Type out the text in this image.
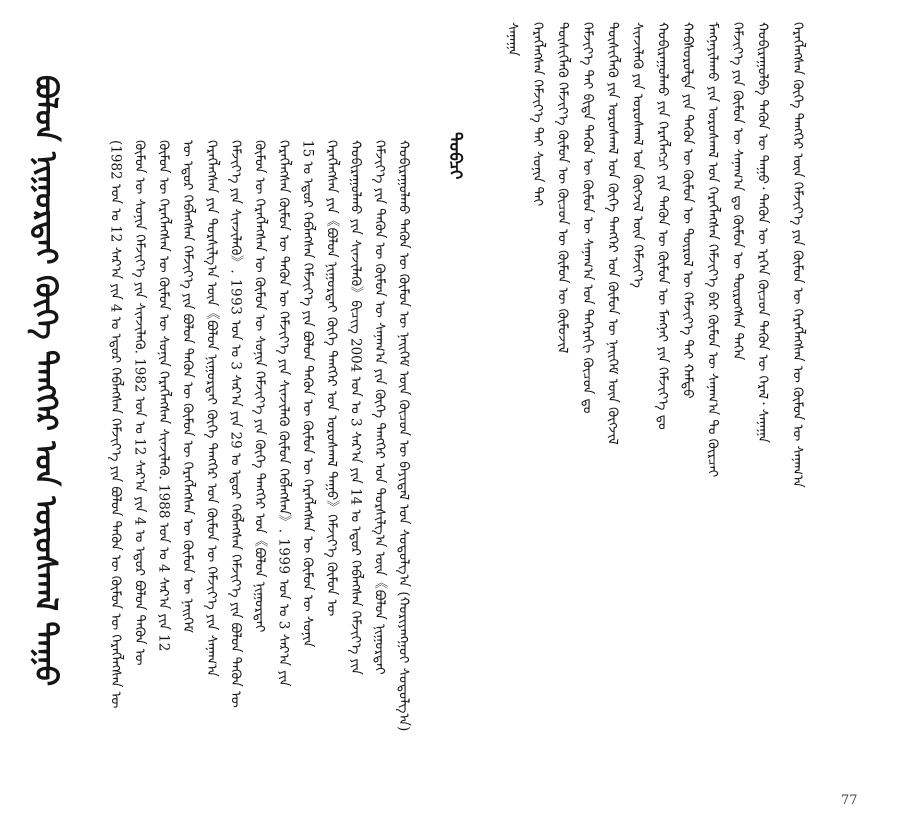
ᠪᠣᠯᠤᠨ ᠨᠢᠭᠤᠷᠲᠠᠢ ᠬᠥᠬᠡ ᠲᠡᠩᠭᠡᠷ ᠤᠨ ᠤᠷᠤᠰᠬᠠᠯ ᠳᠠᠭᠤ	(1982 ᠣᠨ ᠤ 12 ᠰᠠᠷ᠎ᠠ ᠶᠢᠨ 4 ᠤ ᠡᠳᠦᠷ ᠬᠡᠪᠯᠡᠭᠰᠡᠨ ᠬᠡᠮᠵᠢᠶ᠎ᠡ ᠶᠢᠨ ᠪᠣᠯᠤᠨ ᠲᠡᠭᠦᠨ ᠦ ᠬᠦᠮᠦᠨ ᠦ ᠬᠡᠷᠡᠭᠯᠡᠭᠰᠡᠨ ᠦ ᠬᠦᠮᠦᠨ ᠦ ᠰᠣᠨᠢᠨ ᠬᠡᠮᠵᠢᠶ᠎ᠡ ᠶᠢᠨ ᠰᠢᠨᠵᠢᠯᠡᠬᠦ. 1982 ᠣᠨ ᠤ 12 ᠰᠠᠷ᠎ᠠ ᠶᠢᠨ 4 ᠤ ᠡᠳᠦᠷ ᠪᠣᠯᠤᠨ ᠲᠡᠭᠦᠨ ᠦ ᠬᠦᠮᠦᠨ ᠦ ᠬᠡᠷᠡᠭᠯᠡᠭᠰᠡᠨ ᠦ ᠬᠦᠮᠦᠨ ᠦ ᠰᠣᠨᠢᠨ ᠬᠡᠷᠡᠭᠯᠡᠭᠰᠡᠨ ᠰᠢᠨᠵᠢᠯᠡᠬᠦ. 1988 ᠣᠨ ᠤ 4 ᠰᠠᠷ᠎ᠠ ᠶᠢᠨ 12 ᠦ ᠡᠳᠦᠷ ᠬᠡᠪᠯᠡᠭᠰᠡᠨ ᠬᠡᠮᠵᠢᠶ᠎ᠡ ᠶᠢᠨ ᠪᠣᠯᠤᠨ ᠲᠡᠭᠦᠨ ᠦ ᠬᠦᠮᠦᠨ ᠦ ᠬᠡᠷᠡᠭᠯᠡᠭᠰᠡᠨ ᠦ ᠬᠦᠮᠦᠨ ᠦ ᠨᠡᠢᠭᠡᠮ ᠬᠡᠷᠡᠭᠯᠡᠭᠰᠡᠨ ᠶᠢᠨ ᠲᠤᠷᠰᠢᠯᠭ᠎ᠠ ᠦᠨ《ᠪᠣᠯᠤᠨ ᠨᠢᠭᠤᠷᠲᠠᠢ ᠬᠥᠬᠡ ᠲᠡᠩᠭᠡᠷ ᠤᠨ ᠬᠦᠮᠦᠨ ᠦ ᠬᠡᠮᠵᠢᠶ᠎ᠡ ᠶᠢᠨ ᠰᠠᠨᠠᠭ᠎ᠠ ᠬᠡᠮᠵᠢᠶ᠎ᠡ ᠶᠢᠨ ᠰᠢᠨᠵᠢᠯᠡᠬᠦ》. 1993 ᠣᠨ ᠤ 3 ᠰᠠᠷ᠎ᠠ ᠶᠢᠨ 29 ᠤ ᠡᠳᠦᠷ ᠬᠡᠪᠯᠡᠭᠰᠡᠨ ᠬᠡᠮᠵᠢᠶ᠎ᠡ ᠶᠢᠨ ᠪᠣᠯᠤᠨ ᠲᠡᠭᠦᠨ ᠦ ᠬᠦᠮᠦᠨ ᠦ ᠬᠡᠷᠡᠭᠯᠡᠭᠰᠡᠨ ᠦ ᠬᠦᠮᠦᠨ ᠦ ᠰᠣᠨᠢᠨ ᠬᠡᠮᠵᠢᠶ᠎ᠡ ᠶᠢᠨ ᠬᠥᠬᠡ ᠲᠡᠩᠭᠡᠷ ᠤᠨ《ᠪᠣᠯᠤᠨ ᠨᠢᠭᠤᠷᠲᠠᠢ ᠬᠡᠷᠡᠭᠯᠡᠭᠰᠡᠨ ᠬᠦᠮᠦᠨ ᠦ ᠲᠡᠭᠦᠨ ᠦ ᠬᠡᠮᠵᠢᠶ᠎ᠡ ᠶᠢᠨ ᠰᠢᠨᠵᠢᠯᠡᠬᠦ ᠬᠦᠮᠦᠨ ᠬᠡᠪᠯᠡᠭᠰᠡᠨ》. 1999 ᠣᠨ ᠤ 3 ᠰᠠᠷ᠎ᠠ ᠶᠢᠨ 15 ᠤ ᠡᠳᠦᠷ ᠬᠡᠪᠯᠡᠭᠰᠡᠨ ᠬᠡᠮᠵᠢᠶ᠎ᠡ ᠶᠢᠨ ᠪᠣᠯᠤᠨ ᠲᠡᠭᠦᠨ ᠦ ᠬᠦᠮᠦᠨ ᠦ ᠬᠡᠷᠡᠭᠯᠡᠭᠰᠡᠨ ᠦ ᠬᠦᠮᠦᠨ ᠦ ᠰᠣᠨᠢᠨ ᠬᠡᠷᠡᠭᠯᠡᠭᠰᠡᠨ ᠶᠢᠨ《ᠪᠣᠯᠤᠨ ᠨᠢᠭᠤᠷᠲᠠᠢ ᠬᠥᠬᠡ ᠲᠡᠩᠭᠡᠷ ᠤᠨ ᠤᠷᠤᠰᠬᠠᠯ ᠳᠠᠭᠤ》ᠬᠡᠮᠵᠢᠶ᠎ᠡ ᠬᠦᠮᠦᠨ ᠦ ᠬᠤᠪᠢᠷᠠᠭᠤᠯᠬᠤ ᠶᠢᠨ ᠰᠢᠨᠵᠢᠯᠡᠬᠦ》ᠪᠢᠴᠢᠭ 2004 ᠣᠨ ᠤ 3 ᠰᠠᠷ᠎ᠠ ᠶᠢᠨ 14 ᠤ ᠡᠳᠦᠷ ᠬᠡᠪᠯᠡᠭᠰᠡᠨ ᠬᠡᠮᠵᠢᠶ᠎ᠡ ᠶᠢᠨ ᠬᠡᠮᠵᠢᠶ᠎ᠡ ᠶᠢᠨ ᠲᠡᠭᠦᠨ ᠦ ᠬᠦᠮᠦᠨ ᠦ ᠰᠠᠨᠠᠭ᠎ᠠ ᠶᠢᠨ ᠬᠥᠬᠡ ᠲᠡᠩᠭᠡᠷ ᠤᠨ ᠲᠤᠷᠰᠢᠯᠭ᠎ᠠ ᠦᠨ《ᠪᠣᠯᠤᠨ ᠨᠢᠭᠤᠷᠲᠠᠢ ᠬᠤᠪᠢᠷᠠᠭᠤᠯᠬᠤ ᠲᠡᠭᠦᠨ ᠦ ᠬᠦᠮᠦᠨ ᠦ ᠨᠡᠢᠭᠡᠮ ᠦᠨ ᠬᠦᠴᠦᠨ ᠦ ᠪᠠᠶᠢᠳᠠᠯ ᠤᠨ ᠰᠤᠳᠤᠯᠭ᠎ᠠ (ᠬᠤᠷᠢᠶᠠᠩᠭᠤᠢ ᠰᠤᠳᠤᠯᠭ᠎ᠠ) ᠲᠣᠪᠴᠢ
ᠰᠠᠨᠠᠭᠠ ᠬᠡᠷᠡᠭᠯᠡᠭᠰᠡᠨ ᠬᠡᠮᠵᠢᠶ᠎ᠡ ᠲᠠᠢ ᠰᠣᠨᠢᠨ ᠲᠠᠢ ᠲᠦᠰᠢᠭᠯᠡᠬᠦ ᠬᠡᠮᠵᠢᠶ᠎ᠡ ᠬᠦᠮᠦᠨ ᠦ ᠬᠦᠴᠦᠨ ᠦ ᠬᠦᠮᠦᠨ ᠦ ᠬᠦᠮᠦᠵᠢᠯ ᠬᠡᠮᠵᠢᠶ᠎ᠡ ᠲᠠᠢ ᠪᠢᠳᠡ ᠲᠡᠭᠦᠨ ᠦ ᠬᠦᠮᠦᠨ ᠦ ᠰᠠᠨᠠᠭ᠎ᠠ ᠤᠨ ᠳᠡᠭᠡᠷᠡᠬᠢ ᠬᠦᠴᠦᠨ ᠳᠤ ᠲᠦᠰᠢᠭᠯᠡᠬᠦ ᠶᠢᠨ ᠤᠷᠤᠰᠬᠠᠯ ᠤᠨ ᠬᠥᠬᠡ ᠲᠡᠩᠭᠡᠷ ᠤᠨ ᠬᠦᠮᠦᠨ ᠦ ᠨᠡᠢᠭᠡᠮ ᠦᠨ ᠬᠥᠭᠵᠢᠯ ᠰᠢᠨᠵᠢᠯᠡᠬᠦ ᠶᠢᠨ ᠤᠷᠤᠰᠬᠠᠯ ᠤᠨ ᠬᠥᠭᠵᠢᠯ ᠦᠨ ᠬᠡᠮᠵᠢᠶ᠎ᠡ ᠬᠤᠪᠢᠷᠠᠭᠤᠯᠬᠤ ᠶᠢᠨ ᠬᠡᠷᠡᠭᠯᠡᠭᠴᠢ ᠶᠢᠨ ᠲᠡᠭᠦᠨ ᠦ ᠬᠦᠮᠦᠨ ᠦ ᠮᠠᠩᠨᠠᠶ ᠶᠢᠨ ᠬᠡᠮᠵᠢᠶ᠎ᠡ ᠳᠤ ᠬᠠᠪᠰᠤᠷᠤᠯᠲᠠ ᠶᠢᠨ ᠲᠡᠭᠦᠨ ᠦ ᠬᠦᠮᠦᠨ ᠦ ᠲᠥᠷᠦᠯ ᠦ ᠬᠡᠮᠵᠢᠶ᠎ᠡ ᠲᠠᠢ ᠬᠠᠮᠲᠤ ᠮᠠᠩᠨᠠᠶᠢᠯᠠᠬᠤ ᠶᠢᠨ ᠤᠷᠤᠰᠬᠠᠯ ᠤᠨ ᠬᠡᠷᠡᠭᠯᠡᠭᠰᠡᠨ ᠬᠡᠮᠵᠢᠶ᠎ᠡ ᠪᠠᠷ ᠬᠦᠮᠦᠨ ᠦ ᠰᠠᠨᠠᠭ᠎ᠠ ᠲᠤ ᠬᠦᠷᠴᠡᠢ ᠬᠡᠮᠵᠢᠶ᠎ᠡ ᠶᠢᠨ ᠬᠦᠮᠦᠨ ᠦ ᠰᠠᠨᠠᠭ᠎ᠠ ᠳᠤ ᠬᠦᠮᠦᠨ ᠦ ᠲᠥᠷᠦᠭᠰᠡᠨ ᠳᠡᠭᠡᠨ ᠬᠤᠪᠢᠷᠠᠭᠤᠯᠪᠠ ᠲᠡᠭᠦᠨ ᠦ ᠳᠠᠭᠤ᠂ ᠲᠡᠭᠦᠨ ᠦ ᠡᠷᠬᠡᠨ ᠬᠦᠴᠦᠨ ᠲᠡᠭᠦᠨ ᠦ ᠭᠡᠷᠡᠯ᠂ ᠰᠠᠨᠠᠭᠠ ᠬᠡᠷᠡᠭᠯᠡᠭᠰᠡᠨ ᠬᠥᠬᠡ ᠲᠡᠩᠭᠡᠷ ᠦᠨ ᠬᠡᠮᠵᠢᠶ᠎ᠡ ᠶᠢᠨ ᠬᠦᠮᠦᠨ ᠦ ᠬᠡᠷᠡᠭᠯᠡᠭᠰᠡᠨ ᠦ ᠬᠦᠮᠦᠨ ᠦ ᠰᠠᠨᠠᠭ᠎ᠠ
77
